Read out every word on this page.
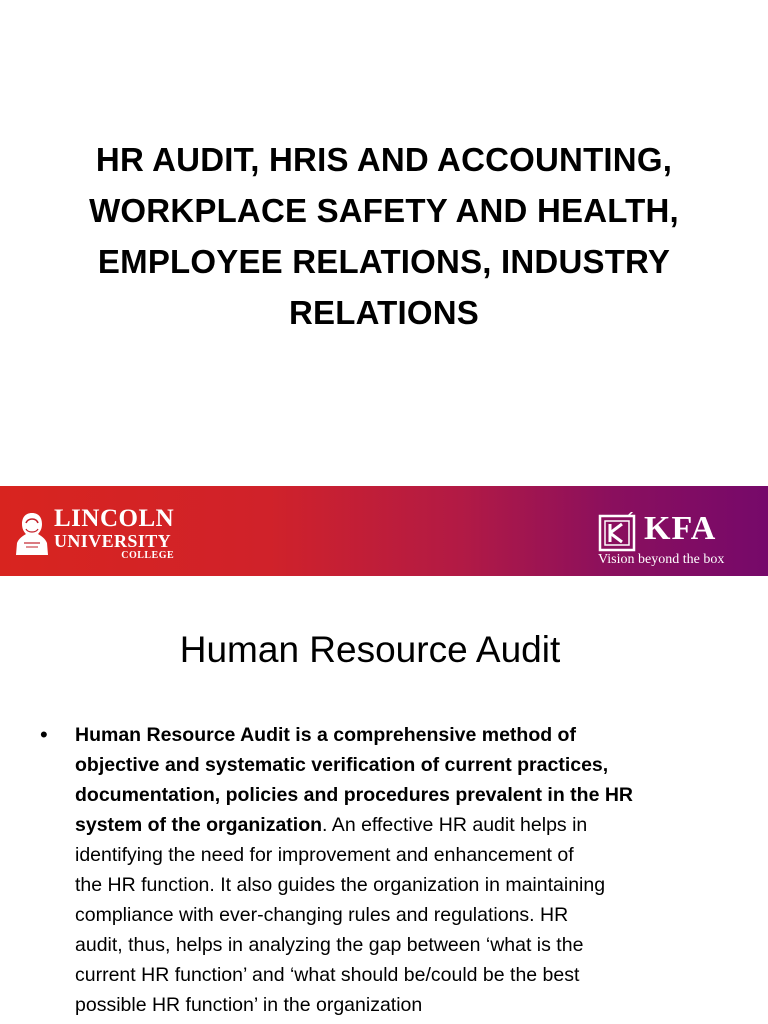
HR AUDIT, HRIS AND ACCOUNTING,
WORKPLACE SAFETY AND HEALTH,
EMPLOYEE RELATIONS, INDUSTRY
RELATIONS
LINCOLN
UNIVERSITY
COLLEGE
KFA
Vision beyond the box
Human Resource Audit
• Human Resource Audit is a comprehensive method of
objective and systematic verification of current practices,
documentation, policies and procedures prevalent in the HR
system of the organization. An effective HR audit helps in
identifying the need for improvement and enhancement of
the HR function. It also guides the organization in maintaining
compliance with ever-changing rules and regulations. HR
audit, thus, helps in analyzing the gap between ‘what is the
current HR function’ and ‘what should be/could be the best
possible HR function’ in the organization
